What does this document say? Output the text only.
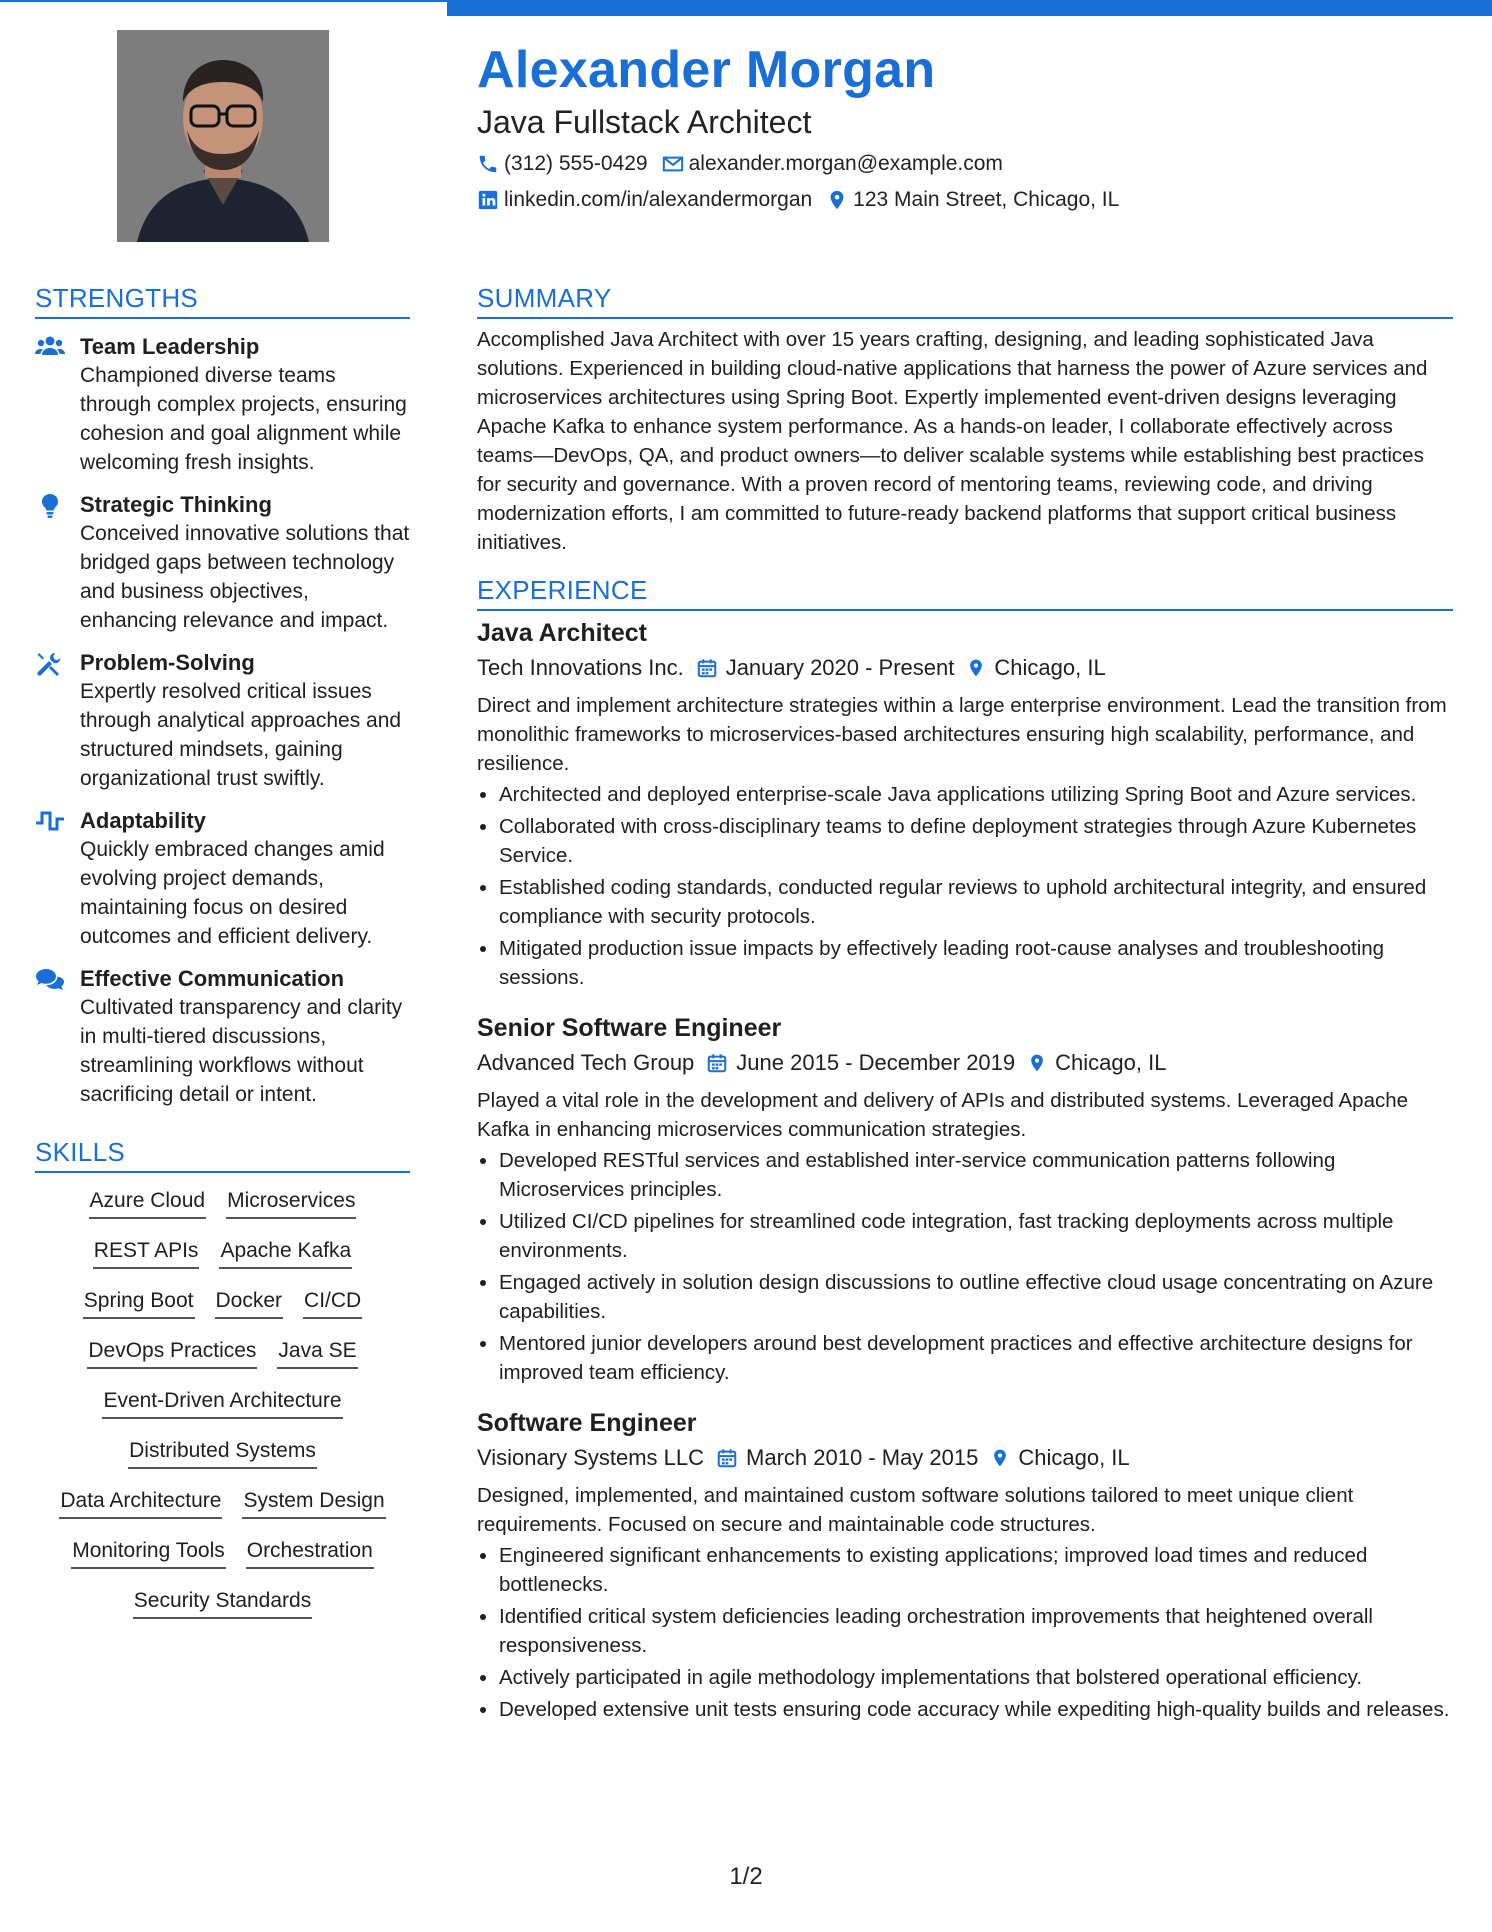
Alexander Morgan
Java Fullstack Architect
(312) 555-0429 alexander.morgan@example.com
linkedin.com/in/alexandermorgan 123 Main Street, Chicago, IL
STRENGTHS
Team Leadership
Championed diverse teams through complex projects, ensuring cohesion and goal alignment while welcoming fresh insights.
Strategic Thinking
Conceived innovative solutions that bridged gaps between technology and business objectives, enhancing relevance and impact.
Problem-Solving
Expertly resolved critical issues through analytical approaches and structured mindsets, gaining organizational trust swiftly.
Adaptability
Quickly embraced changes amid evolving project demands, maintaining focus on desired outcomes and efficient delivery.
Effective Communication
Cultivated transparency and clarity in multi-tiered discussions, streamlining workflows without sacrificing detail or intent.
SKILLS
Azure Cloud Microservices
REST APIs Apache Kafka
Spring Boot Docker CI/CD
DevOps Practices Java SE
Event-Driven Architecture
Distributed Systems
Data Architecture System Design
Monitoring Tools Orchestration
Security Standards
SUMMARY
Accomplished Java Architect with over 15 years crafting, designing, and leading sophisticated Java solutions. Experienced in building cloud-native applications that harness the power of Azure services and microservices architectures using Spring Boot. Expertly implemented event-driven designs leveraging Apache Kafka to enhance system performance. As a hands-on leader, I collaborate effectively across teams—DevOps, QA, and product owners—to deliver scalable systems while establishing best practices for security and governance. With a proven record of mentoring teams, reviewing code, and driving modernization efforts, I am committed to future-ready backend platforms that support critical business initiatives.
EXPERIENCE
Java Architect
Tech Innovations Inc. January 2020 - Present Chicago, IL
Direct and implement architecture strategies within a large enterprise environment. Lead the transition from monolithic frameworks to microservices-based architectures ensuring high scalability, performance, and resilience.
• Architected and deployed enterprise-scale Java applications utilizing Spring Boot and Azure services.
• Collaborated with cross-disciplinary teams to define deployment strategies through Azure Kubernetes Service.
• Established coding standards, conducted regular reviews to uphold architectural integrity, and ensured compliance with security protocols.
• Mitigated production issue impacts by effectively leading root-cause analyses and troubleshooting sessions.
Senior Software Engineer
Advanced Tech Group June 2015 - December 2019 Chicago, IL
Played a vital role in the development and delivery of APIs and distributed systems. Leveraged Apache Kafka in enhancing microservices communication strategies.
• Developed RESTful services and established inter-service communication patterns following Microservices principles.
• Utilized CI/CD pipelines for streamlined code integration, fast tracking deployments across multiple environments.
• Engaged actively in solution design discussions to outline effective cloud usage concentrating on Azure capabilities.
• Mentored junior developers around best development practices and effective architecture designs for improved team efficiency.
Software Engineer
Visionary Systems LLC March 2010 - May 2015 Chicago, IL
Designed, implemented, and maintained custom software solutions tailored to meet unique client requirements. Focused on secure and maintainable code structures.
• Engineered significant enhancements to existing applications; improved load times and reduced bottlenecks.
• Identified critical system deficiencies leading orchestration improvements that heightened overall responsiveness.
• Actively participated in agile methodology implementations that bolstered operational efficiency.
• Developed extensive unit tests ensuring code accuracy while expediting high-quality builds and releases.
1/2
